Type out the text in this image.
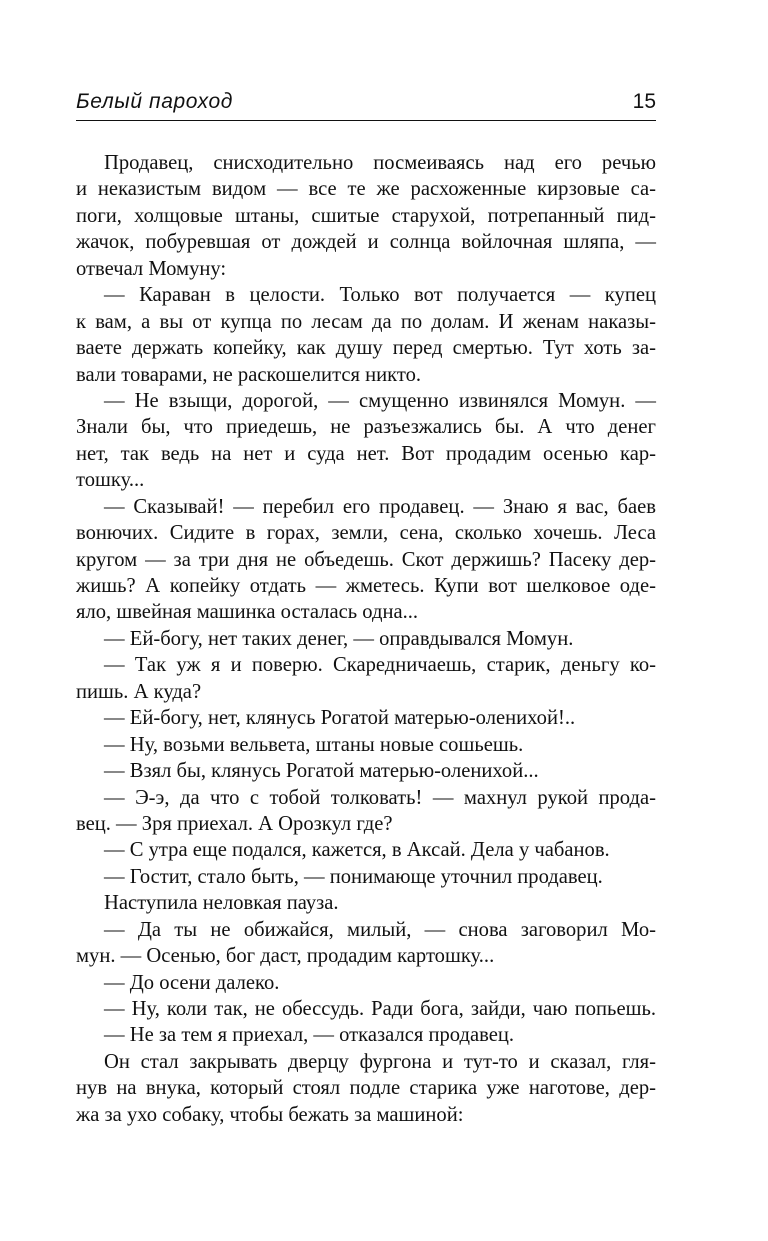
Белый пароход	15
Продавец, снисходительно посмеиваясь над его речью
и неказистым видом — все те же расхоженные кирзовые са-
поги, холщовые штаны, сшитые старухой, потрепанный пид-
жачок, побуревшая от дождей и солнца войлочная шляпа, —
отвечал Момуну:
— Караван в целости. Только вот получается — купец
к вам, а вы от купца по лесам да по долам. И женам наказы-
ваете держать копейку, как душу перед смертью. Тут хоть за-
вали товарами, не раскошелится никто.
— Не взыщи, дорогой, — смущенно извинялся Момун. —
Знали бы, что приедешь, не разъезжались бы. А что денег
нет, так ведь на нет и суда нет. Вот продадим осенью кар-
тошку...
— Сказывай! — перебил его продавец. — Знаю я вас, баев
вонючих. Сидите в горах, земли, сена, сколько хочешь. Леса
кругом — за три дня не объедешь. Скот держишь? Пасеку дер-
жишь? А копейку отдать — жметесь. Купи вот шелковое оде-
яло, швейная машинка осталась одна...
— Ей-богу, нет таких денег, — оправдывался Момун.
— Так уж я и поверю. Скаредничаешь, старик, деньгу ко-
пишь. А куда?
— Ей-богу, нет, клянусь Рогатой матерью-оленихой!..
— Ну, возьми вельвета, штаны новые сошьешь.
— Взял бы, клянусь Рогатой матерью-оленихой...
— Э-э, да что с тобой толковать! — махнул рукой прода-
вец. — Зря приехал. А Орозкул где?
— С утра еще подался, кажется, в Аксай. Дела у чабанов.
— Гостит, стало быть, — понимающе уточнил продавец.
Наступила неловкая пауза.
— Да ты не обижайся, милый, — снова заговорил Мо-
мун. — Осенью, бог даст, продадим картошку...
— До осени далеко.
— Ну, коли так, не обессудь. Ради бога, зайди, чаю попьешь.
— Не за тем я приехал, — отказался продавец.
Он стал закрывать дверцу фургона и тут-то и сказал, гля-
нув на внука, который стоял подле старика уже наготове, дер-
жа за ухо собаку, чтобы бежать за машиной:
